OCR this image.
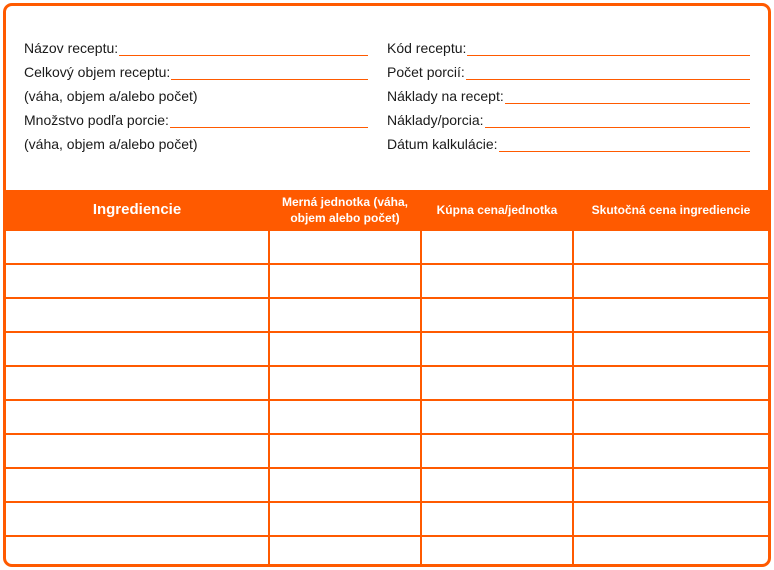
Názov receptu:
Celkový objem receptu:
(váha, objem a/alebo počet)
Množstvo podľa porcie:
(váha, objem a/alebo počet)
Kód receptu:
Počet porcií:
Náklady na recept:
Náklady/porcia:
Dátum kalkulácie:
Ingrediencie	Merná jednotka (váha, objem alebo počet)	Kúpna cena/jednotka	Skutočná cena ingrediencie
